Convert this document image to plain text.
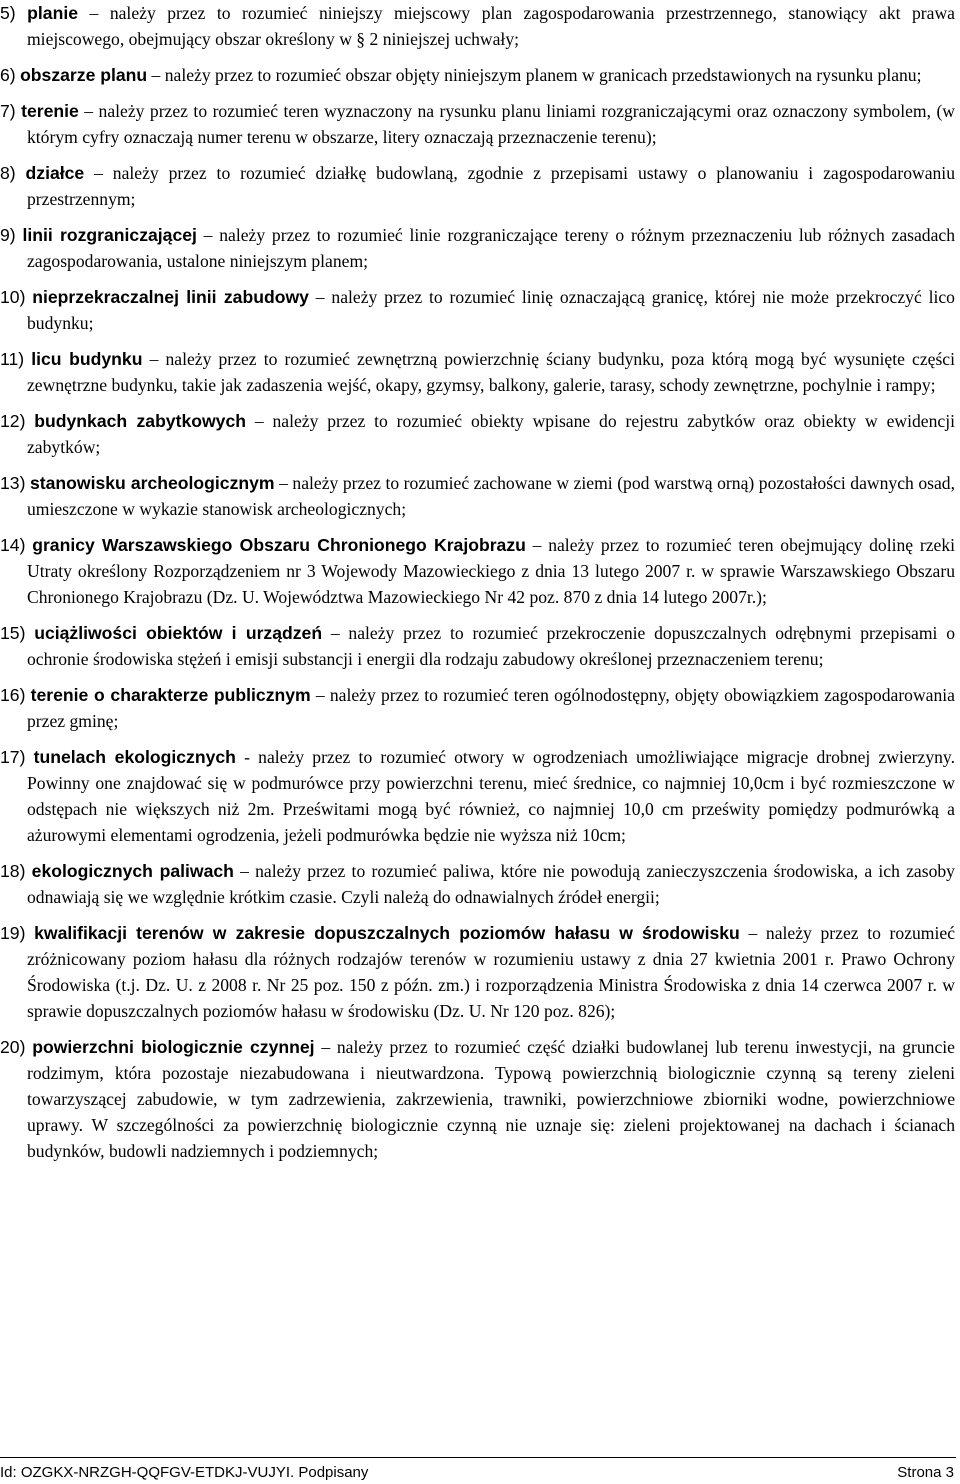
5) planie – należy przez to rozumieć niniejszy miejscowy plan zagospodarowania przestrzennego, stanowiący akt prawa miejscowego, obejmujący obszar określony w § 2 niniejszej uchwały;
6) obszarze planu – należy przez to rozumieć obszar objęty niniejszym planem w granicach przedstawionych na rysunku planu;
7) terenie – należy przez to rozumieć teren wyznaczony na rysunku planu liniami rozgraniczającymi oraz oznaczony symbolem, (w którym cyfry oznaczają numer terenu w obszarze, litery oznaczają przeznaczenie terenu);
8) działce – należy przez to rozumieć działkę budowlaną, zgodnie z przepisami ustawy o planowaniu i zagospodarowaniu przestrzennym;
9) linii rozgraniczającej – należy przez to rozumieć linie rozgraniczające tereny o różnym przeznaczeniu lub różnych zasadach zagospodarowania, ustalone niniejszym planem;
10) nieprzekraczalnej linii zabudowy – należy przez to rozumieć linię oznaczającą granicę, której nie może przekroczyć lico budynku;
11) licu budynku – należy przez to rozumieć zewnętrzną powierzchnię ściany budynku, poza którą mogą być wysunięte części zewnętrzne budynku, takie jak zadaszenia wejść, okapy, gzymsy, balkony, galerie, tarasy, schody zewnętrzne, pochylnie i rampy;
12) budynkach zabytkowych – należy przez to rozumieć obiekty wpisane do rejestru zabytków oraz obiekty w ewidencji zabytków;
13) stanowisku archeologicznym – należy przez to rozumieć zachowane w ziemi (pod warstwą orną) pozostałości dawnych osad, umieszczone w wykazie stanowisk archeologicznych;
14) granicy Warszawskiego Obszaru Chronionego Krajobrazu – należy przez to rozumieć teren obejmujący dolinę rzeki Utraty określony Rozporządzeniem nr 3 Wojewody Mazowieckiego z dnia 13 lutego 2007 r. w sprawie Warszawskiego Obszaru Chronionego Krajobrazu (Dz. U. Województwa Mazowieckiego Nr 42 poz. 870 z dnia 14 lutego 2007r.);
15) uciążliwości obiektów i urządzeń – należy przez to rozumieć przekroczenie dopuszczalnych odrębnymi przepisami o ochronie środowiska stężeń i emisji substancji i energii dla rodzaju zabudowy określonej przeznaczeniem terenu;
16) terenie o charakterze publicznym – należy przez to rozumieć teren ogólnodostępny, objęty obowiązkiem zagospodarowania przez gminę;
17) tunelach ekologicznych - należy przez to rozumieć otwory w ogrodzeniach umożliwiające migracje drobnej zwierzyny. Powinny one znajdować się w podmurówce przy powierzchni terenu, mieć średnice, co najmniej 10,0cm i być rozmieszczone w odstępach nie większych niż 2m. Prześwitami mogą być również, co najmniej 10,0 cm prześwity pomiędzy podmurówką a ażurowymi elementami ogrodzenia, jeżeli podmurówka będzie nie wyższa niż 10cm;
18) ekologicznych paliwach – należy przez to rozumieć paliwa, które nie powodują zanieczyszczenia środowiska, a ich zasoby odnawiają się we względnie krótkim czasie. Czyli należą do odnawialnych źródeł energii;
19) kwalifikacji terenów w zakresie dopuszczalnych poziomów hałasu w środowisku – należy przez to rozumieć zróżnicowany poziom hałasu dla różnych rodzajów terenów w rozumieniu ustawy z dnia 27 kwietnia 2001 r. Prawo Ochrony Środowiska (t.j. Dz. U. z 2008 r. Nr 25 poz. 150 z późn. zm.) i rozporządzenia Ministra Środowiska z dnia 14 czerwca 2007 r. w sprawie dopuszczalnych poziomów hałasu w środowisku (Dz. U. Nr 120 poz. 826);
20) powierzchni biologicznie czynnej – należy przez to rozumieć część działki budowlanej lub terenu inwestycji, na gruncie rodzimym, która pozostaje niezabudowana i nieutwardzona. Typową powierzchnią biologicznie czynną są tereny zieleni towarzyszącej zabudowie, w tym zadrzewienia, zakrzewienia, trawniki, powierzchniowe zbiorniki wodne, powierzchniowe uprawy. W szczególności za powierzchnię biologicznie czynną nie uznaje się: zieleni projektowanej na dachach i ścianach budynków, budowli nadziemnych i podziemnych;
Id: OZGKX-NRZGH-QQFGV-ETDKJ-VUJYI. Podpisany	Strona 3
